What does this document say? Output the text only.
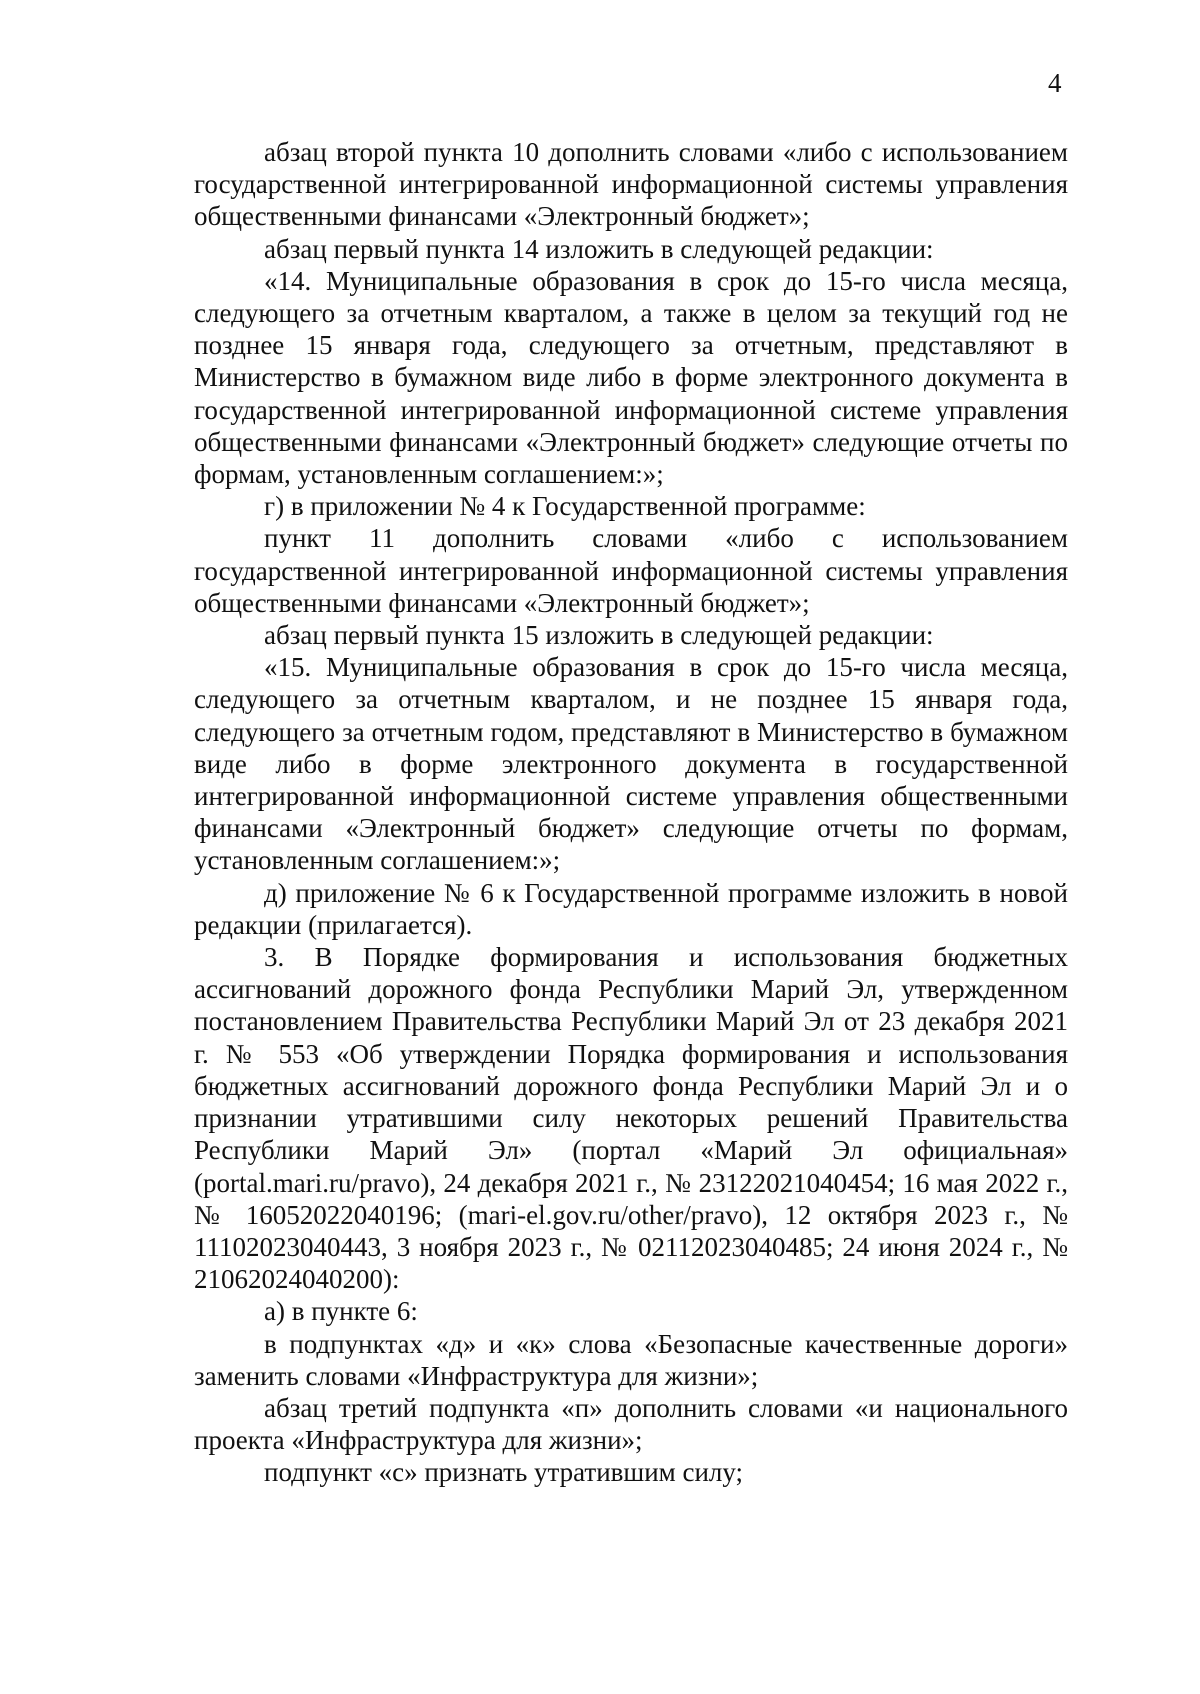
4

абзац второй пункта 10 дополнить словами «либо с использованием государственной интегрированной информационной системы управления общественными финансами «Электронный бюджет»;

абзац первый пункта 14 изложить в следующей редакции:

«14. Муниципальные образования в срок до 15-го числа месяца, следующего за отчетным кварталом, а также в целом за текущий год не позднее 15 января года, следующего за отчетным, представляют в Министерство в бумажном виде либо в форме электронного документа в государственной интегрированной информационной системе управления общественными финансами «Электронный бюджет» следующие отчеты по формам, установленным соглашением:»;

г) в приложении № 4 к Государственной программе:

пункт 11 дополнить словами «либо с использованием государственной интегрированной информационной системы управления общественными финансами «Электронный бюджет»;

абзац первый пункта 15 изложить в следующей редакции:

«15. Муниципальные образования в срок до 15-го числа месяца, следующего за отчетным кварталом, и не позднее 15 января года, следующего за отчетным годом, представляют в Министерство в бумажном виде либо в форме электронного документа в государственной интегрированной информационной системе управления общественными финансами «Электронный бюджет» следующие отчеты по формам, установленным соглашением:»;

д) приложение № 6 к Государственной программе изложить в новой редакции (прилагается).

3. В Порядке формирования и использования бюджетных ассигнований дорожного фонда Республики Марий Эл, утвержденном постановлением Правительства Республики Марий Эл от 23 декабря 2021 г. № 553 «Об утверждении Порядка формирования и использования бюджетных ассигнований дорожного фонда Республики Марий Эл и о признании утратившими силу некоторых решений Правительства Республики Марий Эл» (портал «Марий Эл официальная» (portal.mari.ru/pravo), 24 декабря 2021 г., № 23122021040454; 16 мая 2022 г., № 16052022040196; (mari-el.gov.ru/other/pravo), 12 октября 2023 г., № 11102023040443, 3 ноября 2023 г., № 02112023040485; 24 июня 2024 г., № 21062024040200):

а) в пункте 6:

в подпунктах «д» и «к» слова «Безопасные качественные дороги» заменить словами «Инфраструктура для жизни»;

абзац третий подпункта «п» дополнить словами «и национального проекта «Инфраструктура для жизни»;

подпункт «с» признать утратившим силу;
